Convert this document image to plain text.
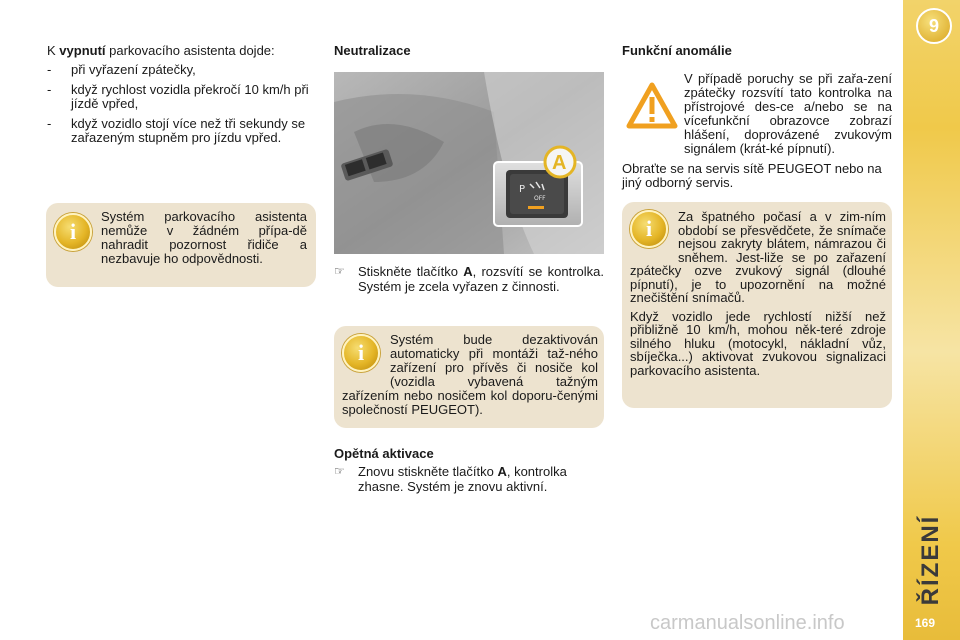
K vypnutí parkovacího asistenta dojde:

- při vyřazení zpátečky,
- když rychlost vozidla překročí 10 km/h při jízdě vpřed,
- když vozidlo stojí více než tři sekundy se zařazeným stupněm pro jízdu vpřed.
i

Systém parkovacího asistenta nemůže v žádném přípa-dě nahradit pozornost řidiče a nezbavuje ho odpovědnosti.

Neutralizace

P
OFF
A
☞ Stiskněte tlačítko A, rozsvítí se kontrolka. Systém je zcela vyřazen z činnosti.

i

Systém bude dezaktivován automaticky při montáži taž-ného zařízení pro přívěs či nosiče kol (vozidla vybavená tažným zařízením nebo nosičem kol doporu-čenými společností PEUGEOT).

Opětná aktivace

☞ Znovu stiskněte tlačítko A, kontrolka zhasne. Systém je znovu aktivní.

Funkční anomálie

V případě poruchy se při zařa-zení zpátečky rozsvítí tato kontrolka na přístrojové des-ce a/nebo se na vícefunkční obrazovce zobrazí hlášení, doprovázené zvukovým signálem (krát-ké pípnutí).

Obraťte se na servis sítě PEUGEOT nebo na jiný odborný servis.

i	Za špatného počasí a v zim-ním období se přesvědčete, že snímače nejsou zakryty blátem, námrazou či sněhem. Jest-liže se po zařazení zpátečky ozve zvukový signál (dlouhé pípnutí), je to upozornění na možné znečištění snímačů.

Když vozidlo jede rychlostí nižší než přibližně 10 km/h, mohou něk-teré zdroje silného hluku (motocykl, nákladní vůz, sbíječka...) aktivovat zvukovou signalizaci parkovacího asistenta.

9
ŘÍZENÍ
169
carmanualsonline.info
